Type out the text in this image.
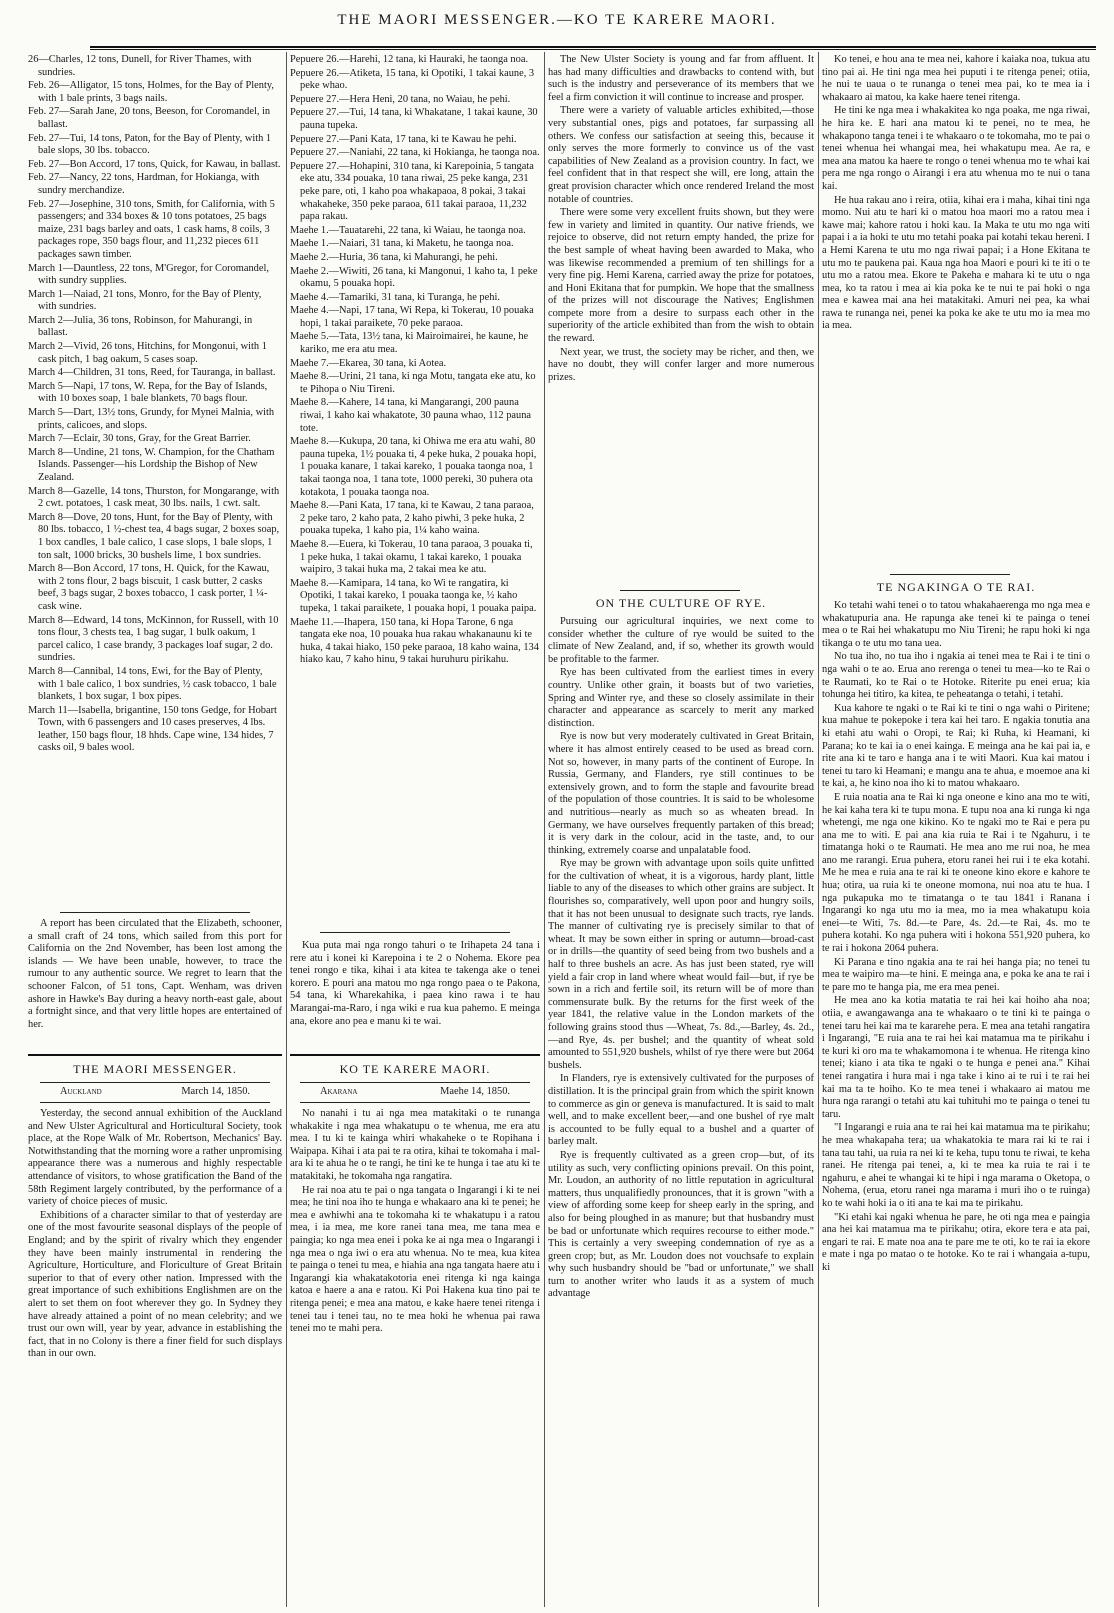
THE MAORI MESSENGER.—KO TE KARERE MAORI.

26—Charles, 12 tons, Dunell, for River Thames, with sundries.

Feb. 26—Alligator, 15 tons, Holmes, for the Bay of Plenty, with 1 bale prints, 3 bags nails.

Feb. 27—Sarah Jane, 20 tons, Beeson, for Coromandel, in ballast.

Feb. 27—Tui, 14 tons, Paton, for the Bay of Plenty, with 1 bale slops, 30 lbs. tobacco.

Feb. 27—Bon Accord, 17 tons, Quick, for Kawau, in ballast.

Feb. 27—Nancy, 22 tons, Hardman, for Hokianga, with sundry merchandize.

Feb. 27—Josephine, 310 tons, Smith, for California, with 5 passengers; and 334 boxes & 10 tons potatoes, 25 bags maize, 231 bags barley and oats, 1 cask hams, 8 coils, 3 packages rope, 350 bags flour, and 11,232 pieces 611 packages sawn timber.

March 1—Dauntless, 22 tons, M'Gregor, for Coromandel, with sundry supplies.

March 1—Naiad, 21 tons, Monro, for the Bay of Plenty, with sundries.

March 2—Julia, 36 tons, Robinson, for Mahurangi, in ballast.

March 2—Vivid, 26 tons, Hitchins, for Mongonui, with 1 cask pitch, 1 bag oakum, 5 cases soap.

March 4—Children, 31 tons, Reed, for Tauranga, in ballast.

March 5—Napi, 17 tons, W. Repa, for the Bay of Islands, with 10 boxes soap, 1 bale blankets, 70 bags flour.

March 5—Dart, 13½ tons, Grundy, for Mynei Malnia, with prints, calicoes, and slops.

March 7—Eclair, 30 tons, Gray, for the Great Barrier.

March 8—Undine, 21 tons, W. Champion, for the Chatham Islands. Passenger—his Lordship the Bishop of New Zealand.

March 8—Gazelle, 14 tons, Thurston, for Mongarange, with 2 cwt. potatoes, 1 cask meat, 30 lbs. nails, 1 cwt. salt.

March 8—Dove, 20 tons, Hunt, for the Bay of Plenty, with 80 lbs. tobacco, 1 ½-chest tea, 4 bags sugar, 2 boxes soap, 1 box candles, 1 bale calico, 1 case slops, 1 bale slops, 1 ton salt, 1000 bricks, 30 bushels lime, 1 box sundries.

March 8—Bon Accord, 17 tons, H. Quick, for the Kawau, with 2 tons flour, 2 bags biscuit, 1 cask butter, 2 casks beef, 3 bags sugar, 2 boxes tobacco, 1 cask porter, 1 ¼-cask wine.

March 8—Edward, 14 tons, McKinnon, for Russell, with 10 tons flour, 3 chests tea, 1 bag sugar, 1 bulk oakum, 1 parcel calico, 1 case brandy, 3 packages loaf sugar, 2 do. sundries.

March 8—Cannibal, 14 tons, Ewi, for the Bay of Plenty, with 1 bale calico, 1 box sundries, ½ cask tobacco, 1 bale blankets, 1 box sugar, 1 box pipes.

March 11—Isabella, brigantine, 150 tons Gedge, for Hobart Town, with 6 passengers and 10 cases preserves, 4 lbs. leather, 150 bags flour, 18 hhds. Cape wine, 134 hides, 7 casks oil, 9 bales wool.

Pepuere 26.—Harehi, 12 tana, ki Hauraki, he taonga noa.

Pepuere 26.—Atiketa, 15 tana, ki Opotiki, 1 takai kaune, 3 peke whao.

Pepuere 27.—Hera Heni, 20 tana, no Waiau, he pehi.

Pepuere 27.—Tui, 14 tana, ki Whakatane, 1 takai kaune, 30 pauna tupeka.

Pepuere 27.—Pani Kata, 17 tana, ki te Kawau he pehi.

Pepuere 27.—Naniahi, 22 tana, ki Hokianga, he taonga noa.

Pepuere 27.—Hohapini, 310 tana, ki Karepoinia, 5 tangata eke atu, 334 pouaka, 10 tana riwai, 25 peke kanga, 231 peke pare, oti, 1 kaho poa whakapaoa, 8 pokai, 3 takai whakaheke, 350 peke paraoa, 611 takai paraoa, 11,232 papa rakau.

Maehe 1.—Tauatarehi, 22 tana, ki Waiau, he taonga noa.

Maehe 1.—Naiari, 31 tana, ki Maketu, he taonga noa.

Maehe 2.—Huria, 36 tana, ki Mahurangi, he pehi.

Maehe 2.—Wiwiti, 26 tana, ki Mangonui, 1 kaho ta, 1 peke okamu, 5 pouaka hopi.

Maehe 4.—Tamariki, 31 tana, ki Turanga, he pehi.

Maehe 4.—Napi, 17 tana, Wi Repa, ki Tokerau, 10 pouaka hopi, 1 takai paraikete, 70 peke paraoa.

Maehe 5.—Tata, 13½ tana, ki Mairoimairei, he kaune, he kariko, me era atu mea.

Maehe 7.—Ekarea, 30 tana, ki Aotea.

Maehe 8.—Urini, 21 tana, ki nga Motu, tangata eke atu, ko te Pihopa o Niu Tireni.

Maehe 8.—Kahere, 14 tana, ki Mangarangi, 200 pauna riwai, 1 kaho kai whakatote, 30 pauna whao, 112 pauna tote.

Maehe 8.—Kukupa, 20 tana, ki Ohiwa me era atu wahi, 80 pauna tupeka, 1½ pouaka ti, 4 peke huka, 2 pouaka hopi, 1 pouaka kanare, 1 takai kareko, 1 pouaka taonga noa, 1 takai taonga noa, 1 tana tote, 1000 pereki, 30 puhera ota kotakota, 1 pouaka taonga noa.

Maehe 8.—Pani Kata, 17 tana, ki te Kawau, 2 tana paraoa, 2 peke taro, 2 kaho pata, 2 kaho piwhi, 3 peke huka, 2 pouaka tupeka, 1 kaho pia, 1¼ kaho waina.

Maehe 8.—Euera, ki Tokerau, 10 tana paraoa, 3 pouaka ti, 1 peke huka, 1 takai okamu, 1 takai kareko, 1 pouaka waipiro, 3 takai huka ma, 2 takai mea ke atu.

Maehe 8.—Kamipara, 14 tana, ko Wi te rangatira, ki Opotiki, 1 takai kareko, 1 pouaka taonga ke, ½ kaho tupeka, 1 takai paraikete, 1 pouaka hopi, 1 pouaka paipa.

Maehe 11.—Ihapera, 150 tana, ki Hopa Tarone, 6 nga tangata eke noa, 10 pouaka hua rakau whakanaunu ki te huka, 4 takai hiako, 150 peke paraoa, 18 kaho waina, 134 hiako kau, 7 kaho hinu, 9 takai huruhuru pirikahu.

A report has been circulated that the Elizabeth, schooner, a small craft of 24 tons, which sailed from this port for California on the 2nd November, has been lost among the islands — We have been unable, however, to trace the rumour to any authentic source. We regret to learn that the schooner Falcon, of 51 tons, Capt. Wenham, was driven ashore in Hawke's Bay during a heavy north-east gale, about a fortnight since, and that very little hopes are entertained of her.

Kua puta mai nga rongo tahuri o te Irihapeta 24 tana i rere atu i konei ki Karepoina i te 2 o Nohema. Ekore pea tenei rongo e tika, kihai i ata kitea te takenga ake o tenei korero. E pouri ana matou mo nga rongo paea o te Pakona, 54 tana, ki Wharekahika, i paea kino rawa i te hau Marangai-ma-Raro, i nga wiki e rua kua pahemo. E meinga ana, ekore ano pea e manu ki te wai.

THE MAORI MESSENGER.
Auckland	March 14, 1850.
KO TE KARERE MAORI.
Akarana	Maehe 14, 1850.

Yesterday, the second annual exhibition of the Auckland and New Ulster Agricultural and Horticultural Society, took place, at the Rope Walk of Mr. Robertson, Mechanics' Bay. Notwithstanding that the morning wore a rather unpromising appearance there was a numerous and highly respectable attendance of visitors, to whose gratification the Band of the 58th Regiment largely contributed, by the performance of a variety of choice pieces of music.

Exhibitions of a character similar to that of yesterday are one of the most favourite seasonal displays of the people of England; and by the spirit of rivalry which they engender they have been mainly instrumental in rendering the Agriculture, Horticulture, and Floriculture of Great Britain superior to that of every other nation. Impressed with the great importance of such exhibitions Englishmen are on the alert to set them on foot wherever they go. In Sydney they have already attained a point of no mean celebrity; and we trust our own will, year by year, advance in establishing the fact, that in no Colony is there a finer field for such displays than in our own.

The New Ulster Society is young and far from affluent. It has had many difficulties and drawbacks to contend with, but such is the industry and perseverance of its members that we feel a firm conviction it will continue to increase and prosper.

There were a variety of valuable articles exhibited,—those very substantial ones, pigs and potatoes, far surpassing all others. We confess our satisfaction at seeing this, because it only serves the more formerly to convince us of the vast capabilities of New Zealand as a provision country. In fact, we feel confident that in that respect she will, ere long, attain the great provision character which once rendered Ireland the most notable of countries.

There were some very excellent fruits shown, but they were few in variety and limited in quantity. Our native friends, we rejoice to observe, did not return empty handed, the prize for the best sample of wheat having been awarded to Maka, who was likewise recommended a premium of ten shillings for a very fine pig. Hemi Karena, carried away the prize for potatoes, and Honi Ekitana that for pumpkin. We hope that the smallness of the prizes will not discourage the Natives; Englishmen compete more from a desire to surpass each other in the superiority of the article exhibited than from the wish to obtain the reward.

Next year, we trust, the society may be richer, and then, we have no doubt, they will confer larger and more numerous prizes.

No nanahi i tu ai nga mea matakitaki o te runanga whakakite i nga mea whakatupu o te whenua, me era atu mea. I tu ki te kainga whiri whakaheke o te Ropihana i Waipapa. Kihai i ata pai te ra otira, kihai te tokomaha i mal-ara ki te ahua he o te rangi, he tini ke te hunga i tae atu ki te matakitaki, he tokomaha nga rangatira.

He rai noa atu te pai o nga tangata o Ingarangi i ki te nei mea; he tini noa iho te hunga e whakaaro ana ki te penei; he mea e awhiwhi ana te tokomaha ki te whakatupu i a ratou mea, i ia mea, me kore ranei tana mea, me tana mea e paingia; ko nga mea enei i poka ke ai nga mea o Ingarangi i nga mea o nga iwi o era atu whenua. No te mea, kua kitea te painga o tenei tu mea, e hiahia ana nga tangata haere atu i Ingarangi kia whakatakotoria enei ritenga ki nga kainga katoa e haere a ana e ratou. Ki Poi Hakena kua tino pai te ritenga penei; e mea ana matou, e kake haere tenei ritenga i tenei tau i tenei tau, no te mea hoki he whenua pai rawa tenei mo te mahi pera.

Ko tenei, e hou ana te mea nei, kahore i kaiaka noa, tukua atu tino pai ai. He tini nga mea hei puputi i te ritenga penei; otiia, he nui te uaua o te runanga o tenei mea pai, ko te mea ia i whakaaro ai matou, ka kake haere tenei ritenga.

He tini ke nga mea i whakakitea ko nga poaka, me nga riwai, he hira ke. E hari ana matou ki te penei, no te mea, he whakapono tanga tenei i te whakaaro o te tokomaha, mo te pai o tenei whenua hei whangai mea, hei whakatupu mea. Ae ra, e mea ana matou ka haere te rongo o tenei whenua mo te whai kai pera me nga rongo o Airangi i era atu whenua mo te nui o tana kai.

He hua rakau ano i reira, otiia, kihai era i maha, kihai tini nga momo. Nui atu te hari ki o matou hoa maori mo a ratou mea i kawe mai; kahore ratou i hoki kau. Ia Maka te utu mo nga witi papai i a ia hoki te utu mo tetahi poaka pai kotahi tekau hereni. I a Hemi Karena te utu mo nga riwai papai; i a Hone Ekitana te utu mo te paukena pai. Kaua nga hoa Maori e pouri ki te iti o te utu mo a ratou mea. Ekore te Pakeha e mahara ki te utu o nga mea, ko ta ratou i mea ai kia poka ke te nui te pai hoki o nga mea e kawea mai ana hei matakitaki. Amuri nei pea, ka whai rawa te runanga nei, penei ka poka ke ake te utu mo ia mea mo ia mea.

ON THE CULTURE OF RYE.

Pursuing our agricultural inquiries, we next come to consider whether the culture of rye would be suited to the climate of New Zealand, and, if so, whether its growth would be profitable to the farmer.

Rye has been cultivated from the earliest times in every country. Unlike other grain, it boasts but of two varieties, Spring and Winter rye, and these so closely assimilate in their character and appearance as scarcely to merit any marked distinction.

Rye is now but very moderately cultivated in Great Britain, where it has almost entirely ceased to be used as bread corn. Not so, however, in many parts of the continent of Europe. In Russia, Germany, and Flanders, rye still continues to be extensively grown, and to form the staple and favourite bread of the population of those countries. It is said to be wholesome and nutritious—nearly as much so as wheaten bread. In Germany, we have ourselves frequently partaken of this bread; it is very dark in the colour, acid in the taste, and, to our thinking, extremely coarse and unpalatable food.

Rye may be grown with advantage upon soils quite unfitted for the cultivation of wheat, it is a vigorous, hardy plant, little liable to any of the diseases to which other grains are subject. It flourishes so, comparatively, well upon poor and hungry soils, that it has not been unusual to designate such tracts, rye lands. The manner of cultivating rye is precisely similar to that of wheat. It may be sown either in spring or autumn—broad-cast or in drills—the quantity of seed being from two bushels and a half to three bushels an acre. As has just been stated, rye will yield a fair crop in land where wheat would fail—but, if rye be sown in a rich and fertile soil, its return will be of more than commensurate bulk. By the returns for the first week of the year 1841, the relative value in the London markets of the following grains stood thus —Wheat, 7s. 8d.,—Barley, 4s. 2d.,—and Rye, 4s. per bushel; and the quantity of wheat sold amounted to 551,920 bushels, whilst of rye there were but 2064 bushels.

In Flanders, rye is extensively cultivated for the purposes of distillation. It is the principal grain from which the spirit known to commerce as gin or geneva is manufactured. It is said to malt well, and to make excellent beer,—and one bushel of rye malt is accounted to be fully equal to a bushel and a quarter of barley malt.

Rye is frequently cultivated as a green crop—but, of its utility as such, very conflicting opinions prevail. On this point, Mr. Loudon, an authority of no little reputation in agricultural matters, thus unqualifiedly pronounces, that it is grown "with a view of affording some keep for sheep early in the spring, and also for being ploughed in as manure; but that husbandry must be bad or unfortunate which requires recourse to either mode." This is certainly a very sweeping condemnation of rye as a green crop; but, as Mr. Loudon does not vouchsafe to explain why such husbandry should be "bad or unfortunate," we shall turn to another writer who lauds it as a system of much advantage

TE NGAKINGA O TE RAI.

Ko tetahi wahi tenei o to tatou whakahaerenga mo nga mea e whakatupuria ana. He rapunga ake tenei ki te painga o tenei mea o te Rai hei whakatupu mo Niu Tireni; he rapu hoki ki nga tikanga o te utu mo tana uea.

No tua iho, no tua iho i ngakia ai tenei mea te Rai i te tini o nga wahi o te ao. Erua ano rerenga o tenei tu mea—ko te Rai o te Raumati, ko te Rai o te Hotoke. Riterite pu enei erua; kia tohunga hei titiro, ka kitea, te peheatanga o tetahi, i tetahi.

Kua kahore te ngaki o te Rai ki te tini o nga wahi o Piritene; kua mahue te pokepoke i tera kai hei taro. E ngakia tonutia ana ki etahi atu wahi o Oropi, te Rai; ki Ruha, ki Heamani, ki Parana; ko te kai ia o enei kainga. E meinga ana he kai pai ia, e rite ana ki te taro e hanga ana i te witi Maori. Kua kai matou i tenei tu taro ki Heamani; e mangu ana te ahua, e moemoe ana ki te kai, a, he kino noa iho ki to matou whakaaro.

E ruia noatia ana te Rai ki nga oneone e kino ana mo te witi, he kai kaha tera ki te tupu mona. E tupu noa ana ki runga ki nga whetengi, me nga one kikino. Ko te ngaki mo te Rai e pera pu ana me to witi. E pai ana kia ruia te Rai i te Ngahuru, i te timatanga hoki o te Raumati. He mea ano me rui noa, he mea ano me rarangi. Erua puhera, etoru ranei hei rui i te eka kotahi. Me he mea e ruia ana te rai ki te oneone kino ekore e kahore te hua; otira, ua ruia ki te oneone momona, nui noa atu te hua. I nga pukapuka mo te timatanga o te tau 1841 i Ranana i Ingarangi ko nga utu mo ia mea, mo ia mea whakatupu koia enei—te Witi, 7s. 8d.—te Pare, 4s. 2d.—te Rai, 4s. mo te puhera kotahi. Ko nga puhera witi i hokona 551,920 puhera, ko te rai i hokona 2064 puhera.

Ki Parana e tino ngakia ana te rai hei hanga pia; no tenei tu mea te waipiro ma—te hini. E meinga ana, e poka ke ana te rai i te pare mo te hanga pia, me era mea penei.

He mea ano ka kotia matatia te rai hei kai hoiho aha noa; otiia, e awangawanga ana te whakaaro o te tini ki te painga o tenei taru hei kai ma te kararehe pera. E mea ana tetahi rangatira i Ingarangi, "E ruia ana te rai hei kai matamua ma te pirikahu i te kuri ki oro ma te whakamomona i te whenua. He ritenga kino tenei; kiano i ata tika te ngaki o te hunga e penei ana." Kihai tenei rangatira i hura mai i nga take i kino ai te rui i te rai hei kai ma ta te hoiho. Ko te mea tenei i whakaaro ai matou me hura nga rarangi o tetahi atu kai tuhituhi mo te painga o tenei tu taru.

"I Ingarangi e ruia ana te rai hei kai matamua ma te pirikahu; he mea whakapaha tera; ua whakatokia te mara rai ki te rai i tana tau tahi, ua ruia ra nei ki te keha, tupu tonu te riwai, te keha ranei. He ritenga pai tenei, a, ki te mea ka ruia te rai i te ngahuru, e ahei te whangai ki te hipi i nga marama o Oketopa, o Nohema, (erua, etoru ranei nga marama i muri iho o te ruinga) ko te wahi hoki ia o iti ana te kai ma te pirikahu.

"Ki etahi kai ngaki whenua he pare, he oti nga mea e paingia ana hei kai matamua ma te pirikahu; otira, ekore tera e ata pai, engari te rai. E mate noa ana te pare me te oti, ko te rai ia ekore e mate i nga po matao o te hotoke. Ko te rai i whangaia a-tupu, ki
